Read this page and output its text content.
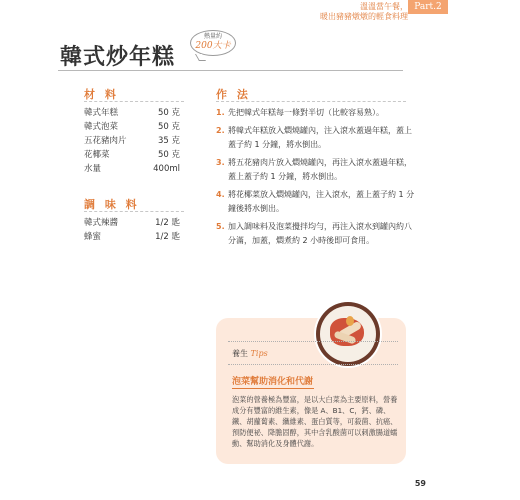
溫溫當午餐，
暖出豬豬燉燉的輕食料理
Part.2
韓式炒年糕
熱量約
200大卡
材 料
韓式年糕	50 克
韓式泡菜	50 克
五花豬肉片	35 克
花椰菜	50 克
水量	400ml
調 味 料
韓式辣醬	1/2 匙
蜂蜜	1/2 匙
作 法
1. 先把韓式年糕每一條對半切（比較容易熟）。
2. 將韓式年糕放入燜燒罐內，注入滾水蓋過年糕，蓋上蓋子約 1 分鐘，將水倒出。
3. 將五花豬肉片放入燜燒罐內，再注入滾水蓋過年糕，蓋上蓋子約 1 分鐘，將水倒出。
4. 將花椰菜放入燜燒罐內，注入滾水，蓋上蓋子約 1 分鐘後將水倒出。
5. 加入調味料及泡菜攪拌均勻，再注入滾水到罐內約八分滿，加蓋，燜煮約 2 小時後即可食用。
養生 Tips
泡菜幫助消化和代謝
泡菜的營養極為豐富，是以大白菜為主要原料，營養成分有豐富的維生素，像是 A、B1、C，鈣、磷、鐵、胡蘿蔔素、纖維素、蛋白質等，可殺菌、抗癌、預防便祕、降膽固醇，其中含乳酸菌可以刺激腸道蠕動、幫助消化及身體代謝。
59
